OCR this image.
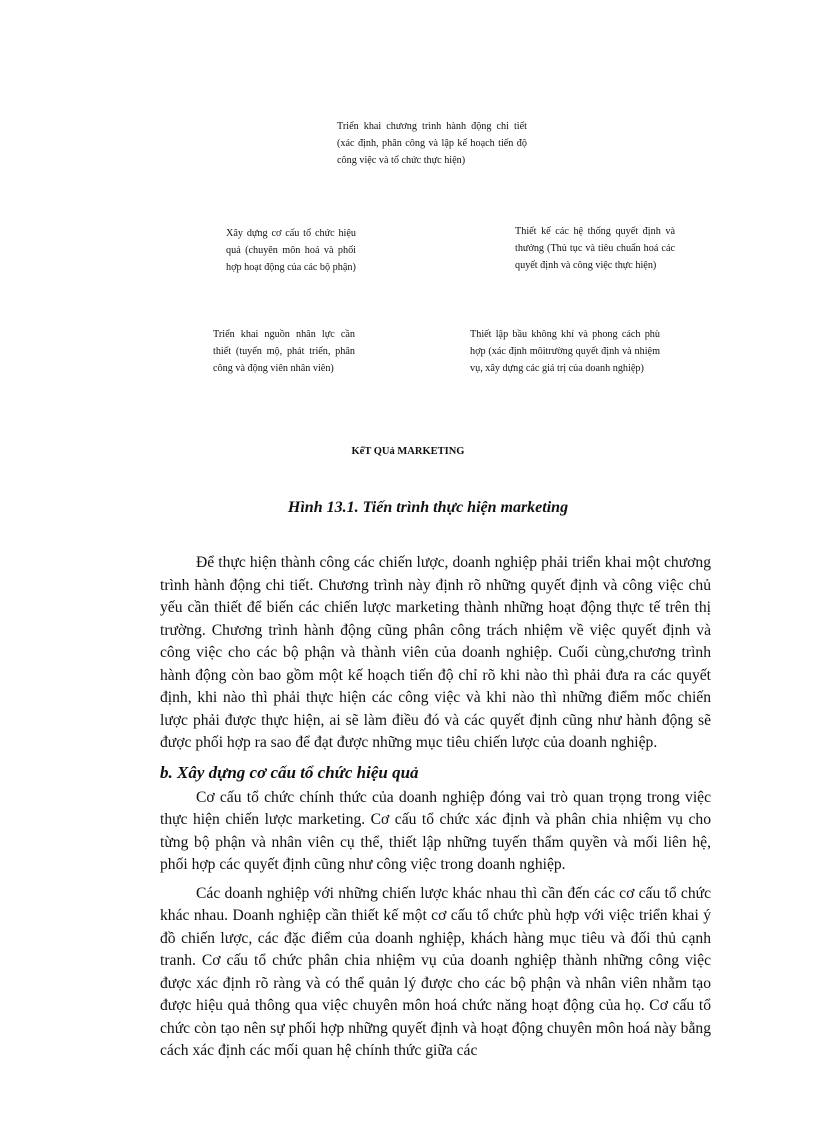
Triển khai chương trình hành động chi tiết (xác định, phân công và lập kế hoạch tiến độ công việc và tổ chức thực hiện)

Xây dựng cơ cấu tổ chức hiệu quả (chuyên môn hoá và phối hợp hoạt động của các bộ phận)

Thiết kế các hệ thống quyết định và thưởng (Thủ tục và tiêu chuẩn hoá các quyết định và công việc thực hiện)

Triển khai nguồn nhân lực cần thiết (tuyển mộ, phát triển, phân công và động viên nhân viên)

Thiết lập bầu không khí và phong cách phù hợp (xác định môitrường quyết định và nhiệm vụ, xây dựng các giá trị của doanh nghiệp)

KếT QUả MARKETING

Hình 13.1. Tiến trình thực hiện marketing

Để thực hiện thành công các chiến lược, doanh nghiệp phải triển khai một chương trình hành động chi tiết. Chương trình này định rõ những quyết định và công việc chủ yếu cần thiết để biến các chiến lược marketing thành những hoạt động thực tế trên thị trường. Chương trình hành động cũng phân công trách nhiệm về việc quyết định và công việc cho các bộ phận và thành viên của doanh nghiệp. Cuối cùng,chương trình hành động còn bao gồm một kế hoạch tiến độ chỉ rõ khi nào thì phải đưa ra các quyết định, khi nào thì phải thực hiện các công việc và khi nào thì những điểm mốc chiến lược phải được thực hiện, ai sẽ làm điều đó và các quyết định cũng như hành động sẽ được phối hợp ra sao để đạt được những mục tiêu chiến lược của doanh nghiệp.

b. Xây dựng cơ cấu tổ chức hiệu quả

Cơ cấu tổ chức chính thức của doanh nghiệp đóng vai trò quan trọng trong việc thực hiện chiến lược marketing. Cơ cấu tổ chức xác định và phân chia nhiệm vụ cho từng bộ phận và nhân viên cụ thể, thiết lập những tuyến thẩm quyền và mối liên hệ, phối hợp các quyết định cũng như công việc trong doanh nghiệp.

Các doanh nghiệp với những chiến lược khác nhau thì cần đến các cơ cấu tổ chức khác nhau. Doanh nghiệp cần thiết kế một cơ cấu tổ chức phù hợp với việc triển khai ý đồ chiến lược, các đặc điểm của doanh nghiệp, khách hàng mục tiêu và đối thủ cạnh tranh. Cơ cấu tổ chức phân chia nhiệm vụ của doanh nghiệp thành những công việc được xác định rõ ràng và có thể quản lý được cho các bộ phận và nhân viên nhằm tạo được hiệu quả thông qua việc chuyên môn hoá chức năng hoạt động của họ. Cơ cấu tổ chức còn tạo nên sự phối hợp những quyết định và hoạt động chuyên môn hoá này bằng cách xác định các mối quan hệ chính thức giữa các
